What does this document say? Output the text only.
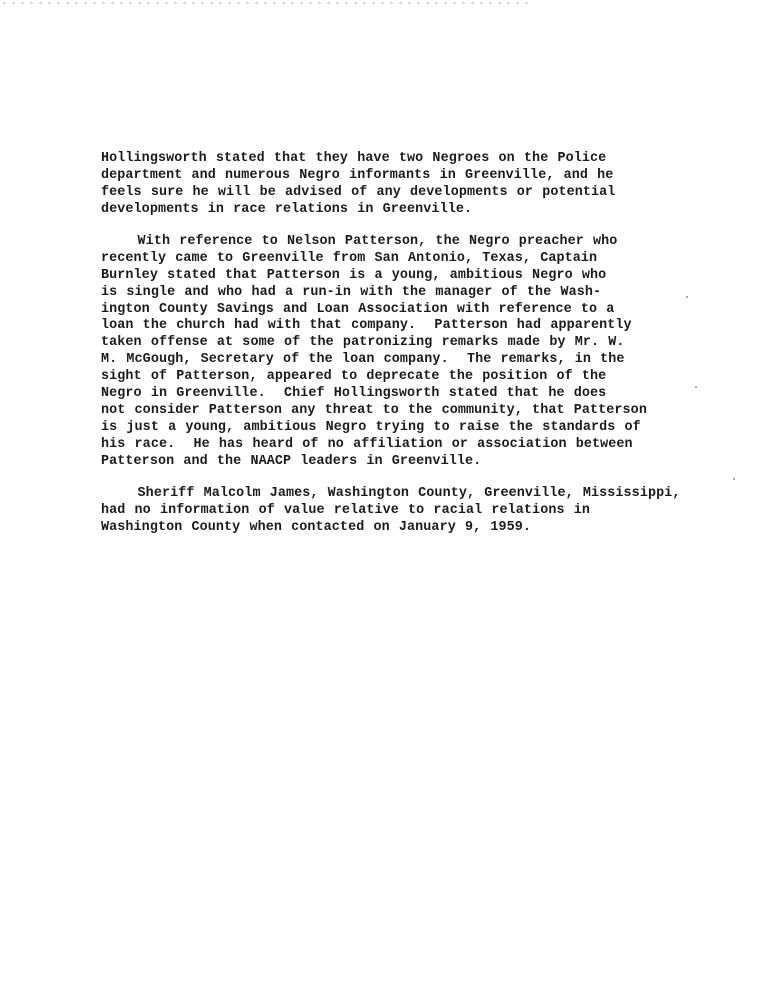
Hollingsworth stated that they have two Negroes on the Police
department and numerous Negro informants in Greenville, and he
feels sure he will be advised of any developments or potential
developments in race relations in Greenville.
With reference to Nelson Patterson, the Negro preacher who
recently came to Greenville from San Antonio, Texas, Captain
Burnley stated that Patterson is a young, ambitious Negro who
is single and who had a run-in with the manager of the Wash-
ington County Savings and Loan Association with reference to a
loan the church had with that company.  Patterson had apparently
taken offense at some of the patronizing remarks made by Mr. W.
M. McGough, Secretary of the loan company.  The remarks, in the
sight of Patterson, appeared to deprecate the position of the
Negro in Greenville.  Chief Hollingsworth stated that he does
not consider Patterson any threat to the community, that Patterson
is just a young, ambitious Negro trying to raise the standards of
his race.  He has heard of no affiliation or association between
Patterson and the NAACP leaders in Greenville.
Sheriff Malcolm James, Washington County, Greenville, Mississippi,
had no information of value relative to racial relations in
Washington County when contacted on January 9, 1959.
